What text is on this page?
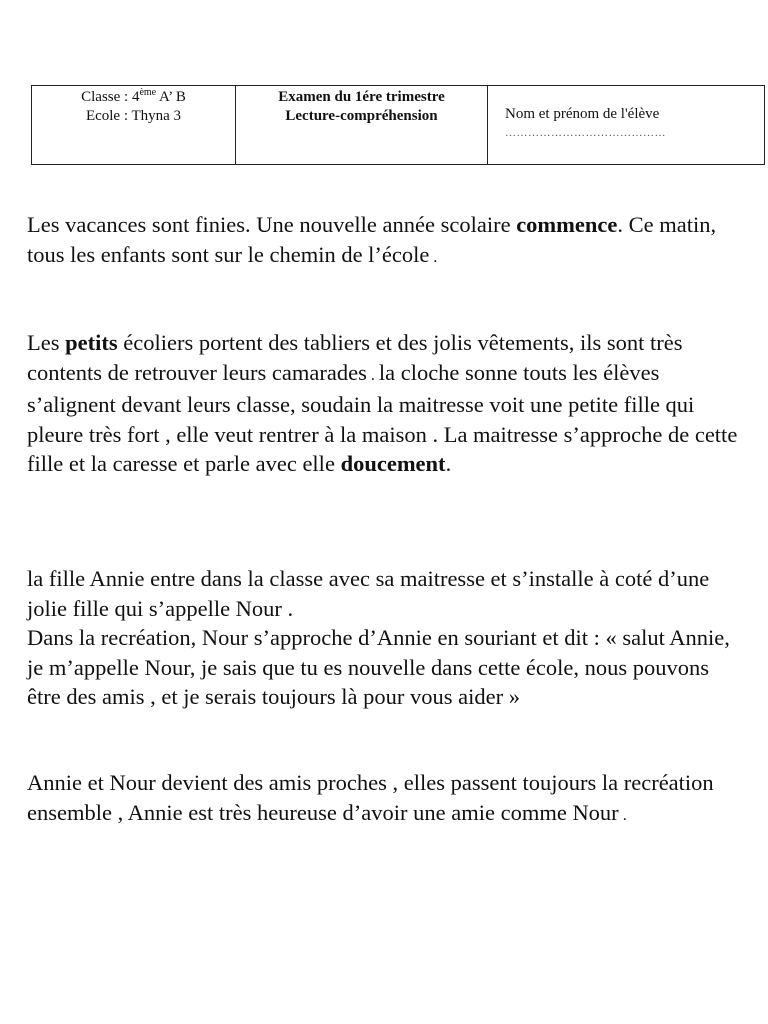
Classe : 4ème A’ B
Ecole : Thyna 3
Examen du 1ére trimestre
Lecture-compréhension	Nom et prénom de l'élève
……………………………………

Les vacances sont finies. Une nouvelle année scolaire commence. Ce matin, tous les enfants sont sur le chemin de l’école .

Les petits écoliers portent des tabliers et des jolis vêtements, ils sont très contents de retrouver leurs camarades . la cloche sonne touts les élèves s’alignent devant leurs classe, soudain la maitresse voit une petite fille qui pleure très fort , elle veut rentrer à la maison . La maitresse s’approche de cette fille et la caresse et parle avec elle doucement.

la fille Annie entre dans la classe avec sa maitresse et s’installe à coté d’une jolie fille qui s’appelle Nour .
Dans la recréation, Nour s’approche d’Annie en souriant et dit : « salut Annie, je m’appelle Nour, je sais que tu es nouvelle dans cette école, nous pouvons être des amis , et je serais toujours là pour vous aider »

Annie et Nour devient des amis proches , elles passent toujours la recréation ensemble , Annie est très heureuse d’avoir une amie comme Nour .
